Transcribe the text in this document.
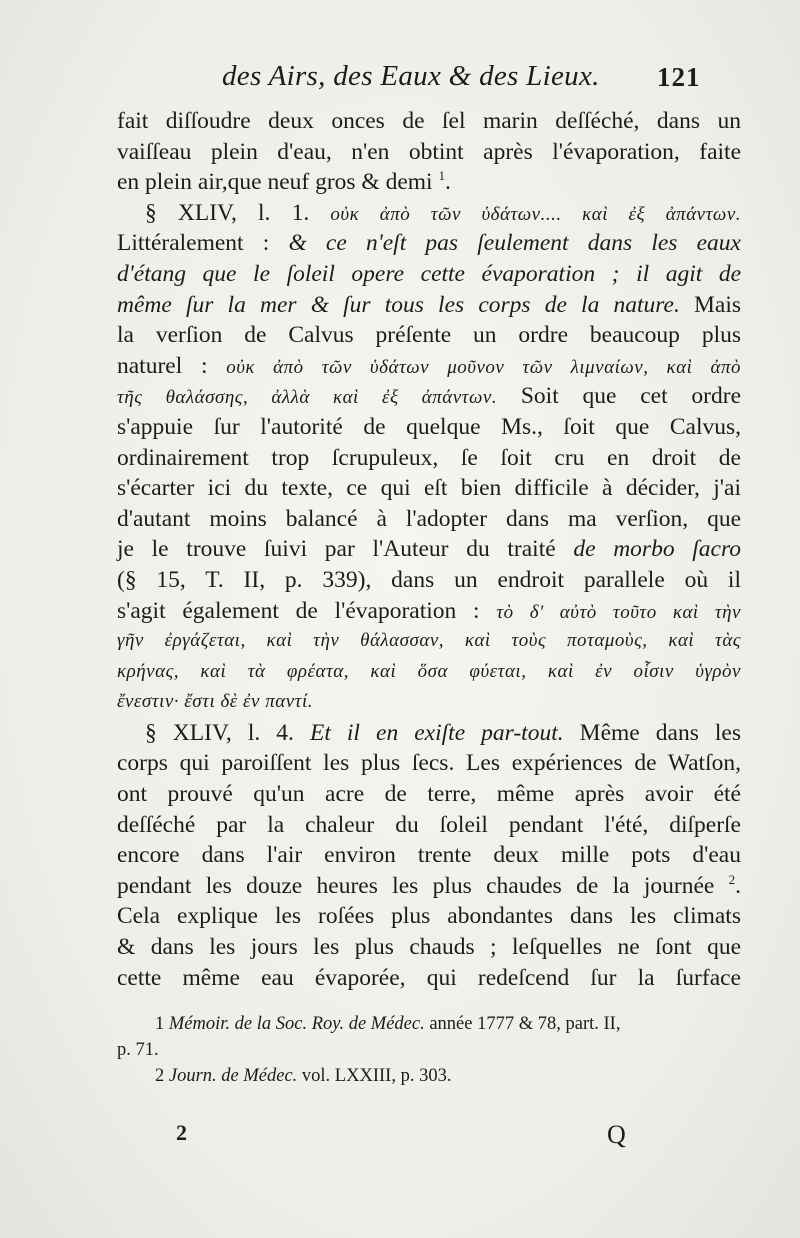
des Airs, des Eaux & des Lieux. 121
fait diſſoudre deux onces de ſel marin deſſéché, dans un
vaiſſeau plein d'eau, n'en obtint après l'évaporation, faite
en plein air,que neuf gros & demi $^1$.
§ XLIV, l. 1. οὐκ ἀπὸ τῶν ὑδάτων.... καὶ ἐξ ἀπάντων.
Littéralement : & ce n'eſt pas ſeulement dans les eaux
d'étang que le ſoleil opere cette évaporation ; il agit de
même ſur la mer & ſur tous les corps de la nature. Mais
la verſion de Calvus préſente un ordre beaucoup plus
naturel : οὐκ ἀπὸ τῶν ὑδάτων μοῦνον τῶν λιμναίων, καὶ ἀπὸ
τῆς θαλάσσης, ἀλλὰ καὶ ἐξ ἀπάντων. Soit que cet ordre
s'appuie ſur l'autorité de quelque Ms., ſoit que Calvus,
ordinairement trop ſcrupuleux, ſe ſoit cru en droit de
s'écarter ici du texte, ce qui eſt bien difficile à décider, j'ai
d'autant moins balancé à l'adopter dans ma verſion, que
je le trouve ſuivi par l'Auteur du traité de morbo ſacro
(§ 15, T. II, p. 339), dans un endroit parallele où il
s'agit également de l'évaporation : τὸ δ' αὐτὸ τοῦτο καὶ τὴν
γῆν ἐργάζεται, καὶ τὴν θάλασσαν, καὶ τοὺς ποταμοὺς, καὶ τὰς
κρήνας, καὶ τὰ φρέατα, καὶ ὅσα φύεται, καὶ ἐν οἷσιν ὑγρὸν
ἔνεστιν· ἔστι δὲ ἐν παντί.
§ XLIV, l. 4. Et il en exiſte par-tout. Même dans les
corps qui paroiſſent les plus ſecs. Les expériences de Watſon,
ont prouvé qu'un acre de terre, même après avoir été
deſſéché par la chaleur du ſoleil pendant l'été, diſperſe
encore dans l'air environ trente deux mille pots d'eau
pendant les douze heures les plus chaudes de la journée $^2$.
Cela explique les roſées plus abondantes dans les climats
& dans les jours les plus chauds ; leſquelles ne ſont que
cette même eau évaporée, qui redeſcend ſur la ſurface
1 Mémoir. de la Soc. Roy. de Médec. année 1777 & 78, part. II,
p. 71.
2 Journ. de Médec. vol. LXXIII, p. 303.
2	Q
